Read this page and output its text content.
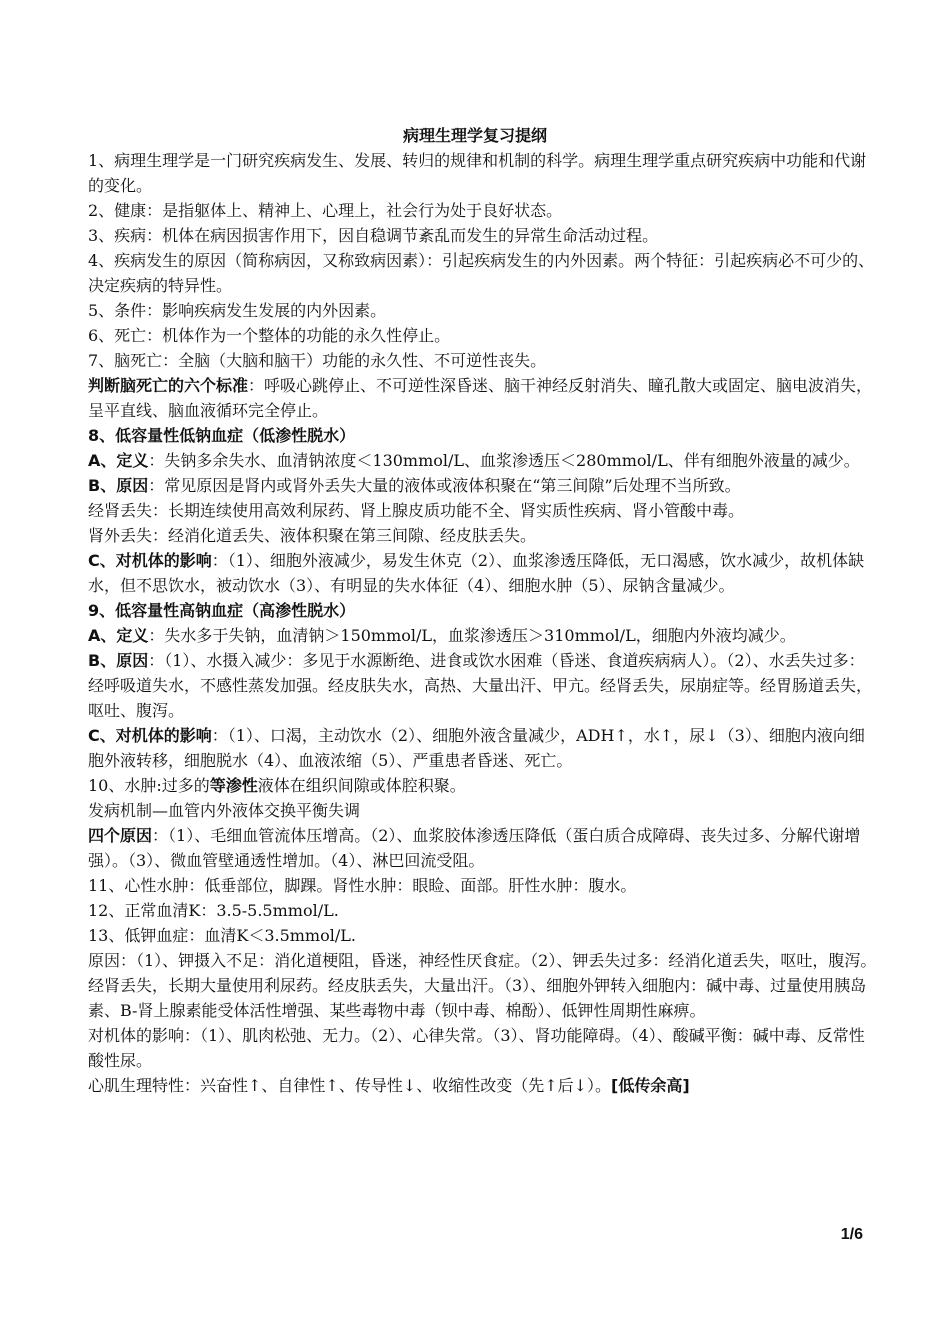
病理生理学复习提纲

1、病理生理学是一门研究疾病发生、发展、转归的规律和机制的科学。病理生理学重点研究疾病中功能和代谢的变化。

2、健康：是指躯体上、精神上、心理上，社会行为处于良好状态。

3、疾病：机体在病因损害作用下，因自稳调节紊乱而发生的异常生命活动过程。

4、疾病发生的原因（简称病因，又称致病因素）：引起疾病发生的内外因素。两个特征：引起疾病必不可少的、决定疾病的特异性。

5、条件：影响疾病发生发展的内外因素。

6、死亡：机体作为一个整体的功能的永久性停止。

7、脑死亡：全脑（大脑和脑干）功能的永久性、不可逆性丧失。

判断脑死亡的六个标准：呼吸心跳停止、不可逆性深昏迷、脑干神经反射消失、瞳孔散大或固定、脑电波消失，呈平直线、脑血液循环完全停止。

8、低容量性低钠血症（低渗性脱水）

A、定义：失钠多余失水、血清钠浓度＜130mmol/L、血浆渗透压＜280mmol/L、伴有细胞外液量的减少。

B、原因：常见原因是肾内或肾外丢失大量的液体或液体积聚在“第三间隙”后处理不当所致。

经肾丢失：长期连续使用高效利尿药、肾上腺皮质功能不全、肾实质性疾病、肾小管酸中毒。

肾外丢失：经消化道丢失、液体积聚在第三间隙、经皮肤丢失。

C、对机体的影响：（1）、细胞外液减少，易发生休克（2）、血浆渗透压降低，无口渴感，饮水减少，故机体缺水，但不思饮水，被动饮水（3）、有明显的失水体征（4）、细胞水肿（5）、尿钠含量减少。

9、低容量性高钠血症（高渗性脱水）

A、定义：失水多于失钠，血清钠＞150mmol/L，血浆渗透压＞310mmol/L，细胞内外液均减少。

B、原因：（1）、水摄入减少：多见于水源断绝、进食或饮水困难（昏迷、食道疾病病人）。（2）、水丢失过多：经呼吸道失水，不感性蒸发加强。经皮肤失水，高热、大量出汗、甲亢。经肾丢失，尿崩症等。经胃肠道丢失，呕吐、腹泻。

C、对机体的影响：（1）、口渴，主动饮水（2）、细胞外液含量减少，ADH↑，水↑，尿↓（3）、细胞内液向细胞外液转移，细胞脱水（4）、血液浓缩（5）、严重患者昏迷、死亡。

10、水肿:过多的等渗性液体在组织间隙或体腔积聚。

发病机制—血管内外液体交换平衡失调

四个原因：（1）、毛细血管流体压增高。（2）、血浆胶体渗透压降低（蛋白质合成障碍、丧失过多、分解代谢增强）。（3）、微血管壁通透性增加。（4）、淋巴回流受阻。

11、心性水肿：低垂部位，脚踝。肾性水肿：眼睑、面部。肝性水肿：腹水。

12、正常血清K：3.5-5.5mmol/L.

13、低钾血症：血清K＜3.5mmol/L.

原因：（1）、钾摄入不足：消化道梗阻，昏迷，神经性厌食症。（2）、钾丢失过多：经消化道丢失，呕吐，腹泻。经肾丢失，长期大量使用利尿药。经皮肤丢失，大量出汗。（3）、细胞外钾转入细胞内：碱中毒、过量使用胰岛素、B-肾上腺素能受体活性增强、某些毒物中毒（钡中毒、棉酚）、低钾性周期性麻痹。

对机体的影响：（1）、肌肉松弛、无力。（2）、心律失常。（3）、肾功能障碍。（4）、酸碱平衡：碱中毒、反常性酸性尿。

心肌生理特性：兴奋性↑、自律性↑、传导性↓、收缩性改变（先↑后↓）。[低传余高]

1/6
